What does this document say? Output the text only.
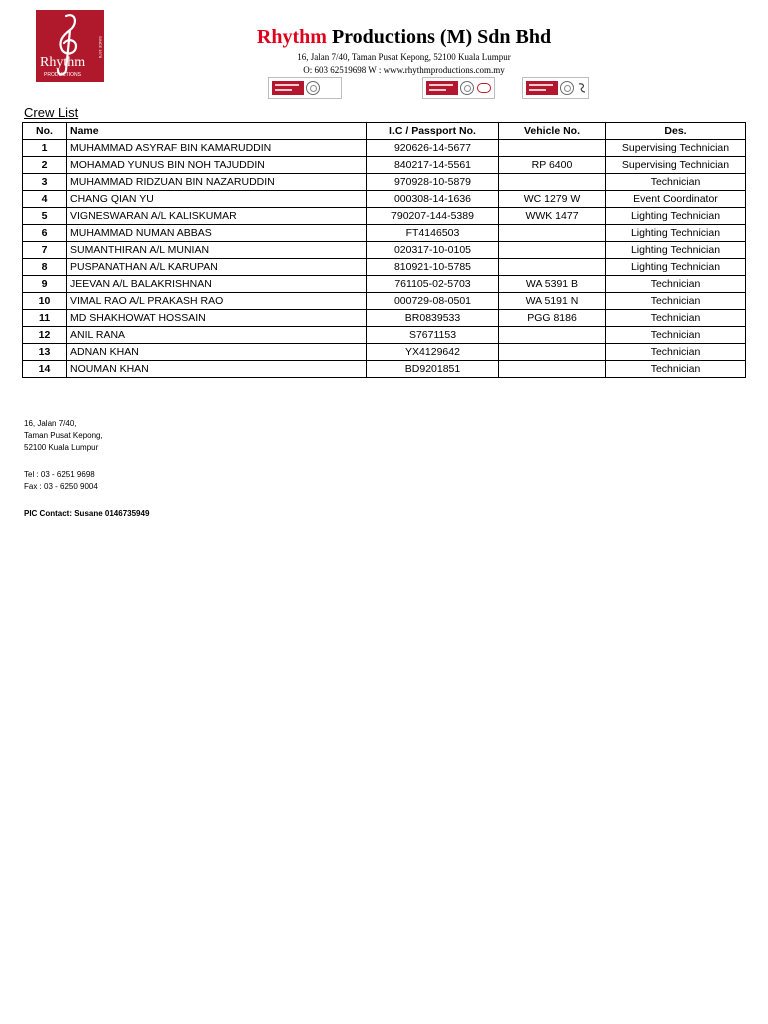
Rhythm
PRODUCTIONS
SINCE 1978	Rhythm Productions (M) Sdn Bhd
16, Jalan 7/40, Taman Pusat Kepong, 52100 Kuala Lumpur
O: 603 62519698 W : www.rhythmproductions.com.my
Crew List
No.	Name	I.C / Passport No.	Vehicle No.	Des.
1	MUHAMMAD ASYRAF BIN KAMARUDDIN	920626-14-5677		Supervising Technician
2	MOHAMAD YUNUS BIN NOH TAJUDDIN	840217-14-5561	RP 6400	Supervising Technician
3	MUHAMMAD RIDZUAN BIN NAZARUDDIN	970928-10-5879		Technician
4	CHANG QIAN YU	000308-14-1636	WC 1279 W	Event Coordinator
5	VIGNESWARAN A/L KALISKUMAR	790207-144-5389	WWK 1477	Lighting Technician
6	MUHAMMAD NUMAN ABBAS	FT4146503		Lighting Technician
7	SUMANTHIRAN A/L MUNIAN	020317-10-0105		Lighting Technician
8	PUSPANATHAN A/L KARUPAN	810921-10-5785		Lighting Technician
9	JEEVAN A/L BALAKRISHNAN	761105-02-5703	WA 5391 B	Technician
10	VIMAL RAO A/L PRAKASH RAO	000729-08-0501	WA 5191 N	Technician
11	MD SHAKHOWAT HOSSAIN	BR0839533	PGG 8186	Technician
12	ANIL RANA	S7671153		Technician
13	ADNAN KHAN	YX4129642		Technician
14	NOUMAN KHAN	BD9201851		Technician
16, Jalan 7/40,
Taman Pusat Kepong,
52100 Kuala Lumpur
Tel : 03 - 6251 9698
Fax : 03 - 6250 9004
PIC Contact: Susane 0146735949
